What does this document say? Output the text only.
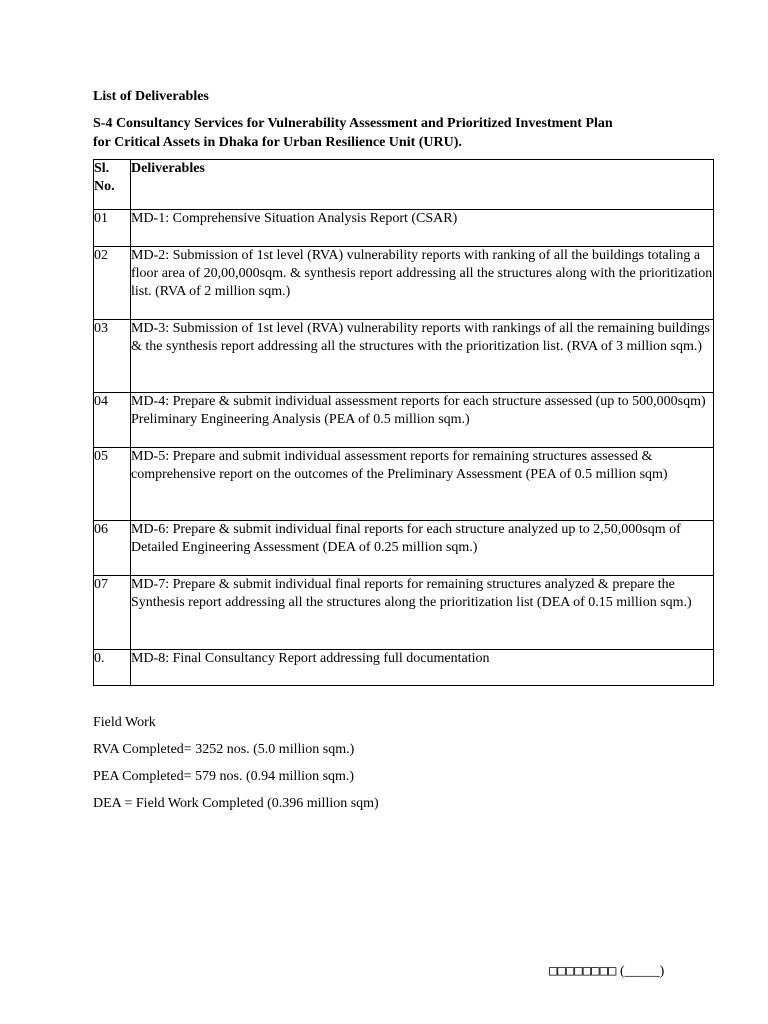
List of Deliverables

S-4 Consultancy Services for Vulnerability Assessment and Prioritized Investment Plan
for Critical Assets in Dhaka for Urban Resilience Unit (URU).

Sl.
No.	Deliverables
01	MD-1: Comprehensive Situation Analysis Report (CSAR)
02	MD-2: Submission of 1st level (RVA) vulnerability reports with ranking of all the buildings totaling a floor area of 20,00,000sqm. & synthesis report addressing all the structures along with the prioritization list. (RVA of 2 million sqm.)
03	MD-3: Submission of 1st level (RVA) vulnerability reports with rankings of all the remaining buildings & the synthesis report addressing all the structures with the prioritization list. (RVA of 3 million sqm.)
04	MD-4: Prepare & submit individual assessment reports for each structure assessed (up to 500,000sqm) Preliminary Engineering Analysis (PEA of 0.5 million sqm.)
05	MD-5: Prepare and submit individual assessment reports for remaining structures assessed & comprehensive report on the outcomes of the Preliminary Assessment (PEA of 0.5 million sqm)
06	MD-6: Prepare & submit individual final reports for each structure analyzed up to 2,50,000sqm of Detailed Engineering Assessment (DEA of 0.25 million sqm.)
07	MD-7: Prepare & submit individual final reports for remaining structures analyzed & prepare the Synthesis report addressing all the structures along the prioritization list (DEA of 0.15 million sqm.)
0.	MD-8: Final Consultancy Report addressing full documentation

Field Work

RVA Completed= 3252 nos. (5.0 million sqm.)

PEA Completed= 579 nos. (0.94 million sqm.)

DEA = Field Work Completed (0.396 million sqm)

□□□□□□□□ (_____)
